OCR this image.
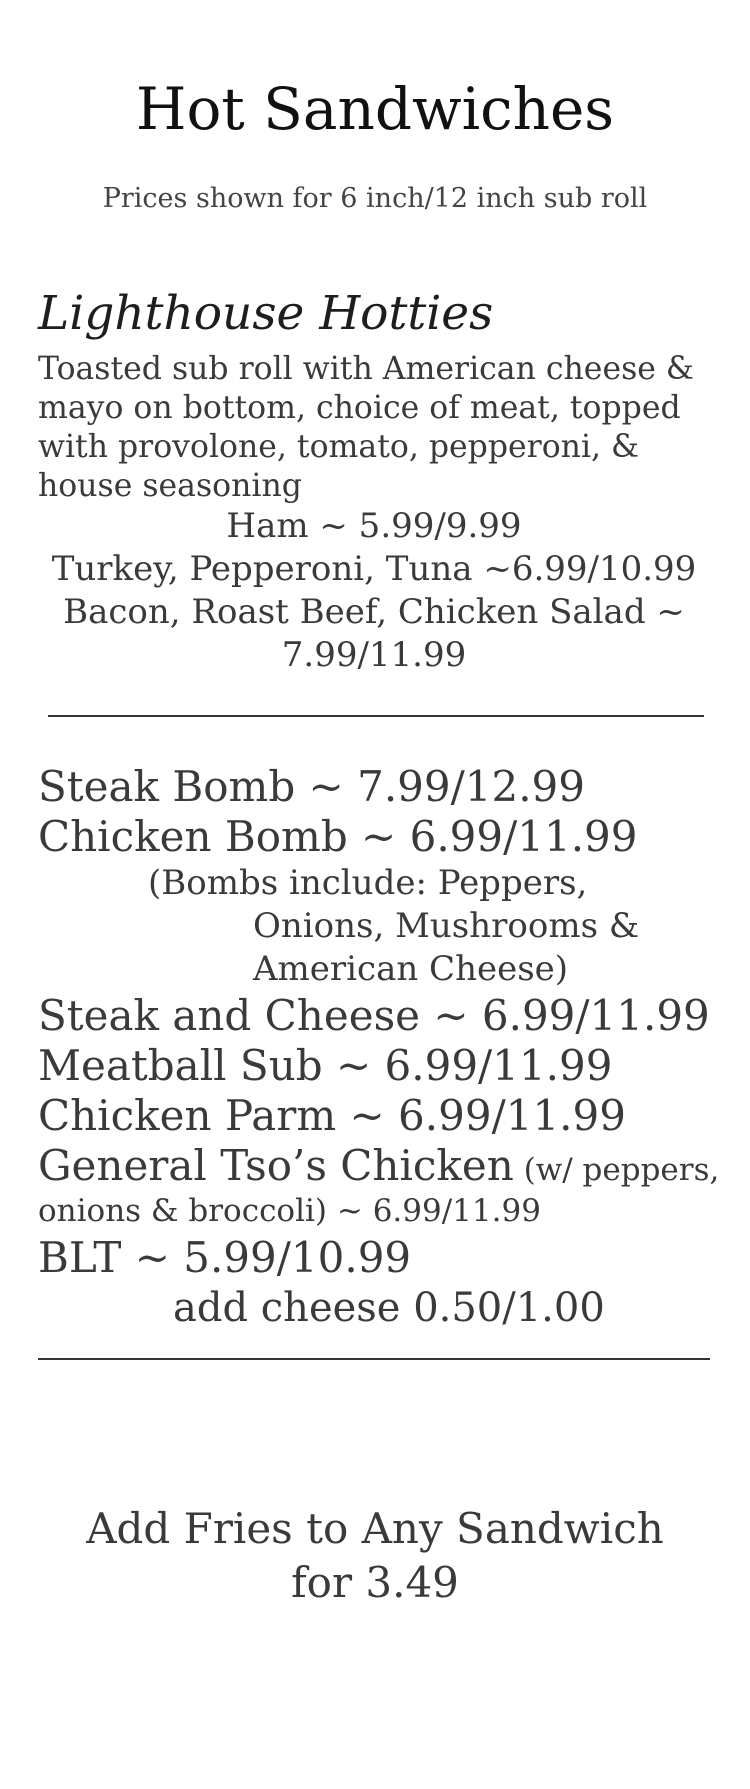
Hot Sandwiches
Prices shown for 6 inch/12 inch sub roll
Lighthouse Hotties
Toasted sub roll with American cheese & mayo on bottom, choice of meat, topped with provolone, tomato, pepperoni, & house seasoning
Ham ~ 5.99/9.99
Turkey, Pepperoni, Tuna ~6.99/10.99
Bacon, Roast Beef, Chicken Salad ~
7.99/11.99
Steak Bomb ~ 7.99/12.99
Chicken Bomb ~ 6.99/11.99
(Bombs include: Peppers,
Onions, Mushrooms &
American Cheese)
Steak and Cheese ~ 6.99/11.99
Meatball Sub ~ 6.99/11.99
Chicken Parm ~ 6.99/11.99
General Tso’s Chicken (w/ peppers,
onions & broccoli) ~ 6.99/11.99
BLT ~ 5.99/10.99
add cheese 0.50/1.00
Add Fries to Any Sandwich
for 3.49
